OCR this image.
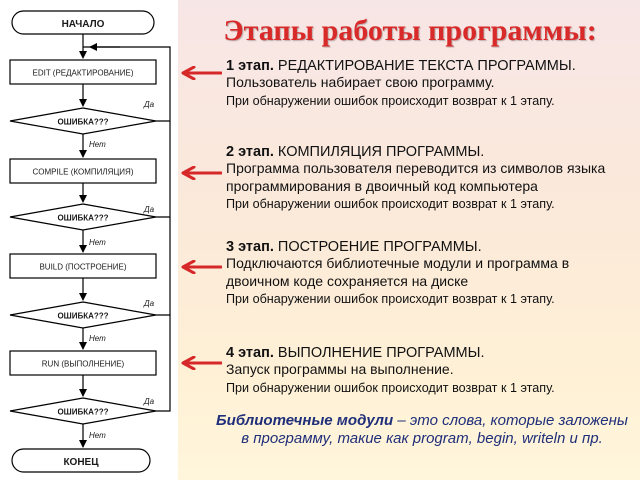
НАЧАЛО
EDIT (РЕДАКТИРОВАНИЕ)
ОШИБКА???
Да
Нет
COMPILE (КОМПИЛЯЦИЯ)
ОШИБКА???
Да
Нет
BUILD (ПОСТРОЕНИЕ)
ОШИБКА???
Да
Нет
RUN (ВЫПОЛНЕНИЕ)
ОШИБКА???
Да
Нет
КОНЕЦ
Этапы работы программы:
1 этап. РЕДАКТИРОВАНИЕ ТЕКСТА ПРОГРАММЫ.
Пользователь набирает свою программу.
При обнаружении ошибок происходит возврат к 1 этапу.
2 этап. КОМПИЛЯЦИЯ ПРОГРАММЫ.
Программа пользователя переводится из символов языка программирования в двоичный код компьютера
При обнаружении ошибок происходит возврат к 1 этапу.
3 этап. ПОСТРОЕНИЕ ПРОГРАММЫ.
Подключаются библиотечные модули и программа в двоичном коде сохраняется на диске
При обнаружении ошибок происходит возврат к 1 этапу.
4 этап. ВЫПОЛНЕНИЕ ПРОГРАММЫ.
Запуск программы на выполнение.
При обнаружении ошибок происходит возврат к 1 этапу.
Библиотечные модули – это слова, которые заложены в программу, такие как program, begin, writeln и пр.
